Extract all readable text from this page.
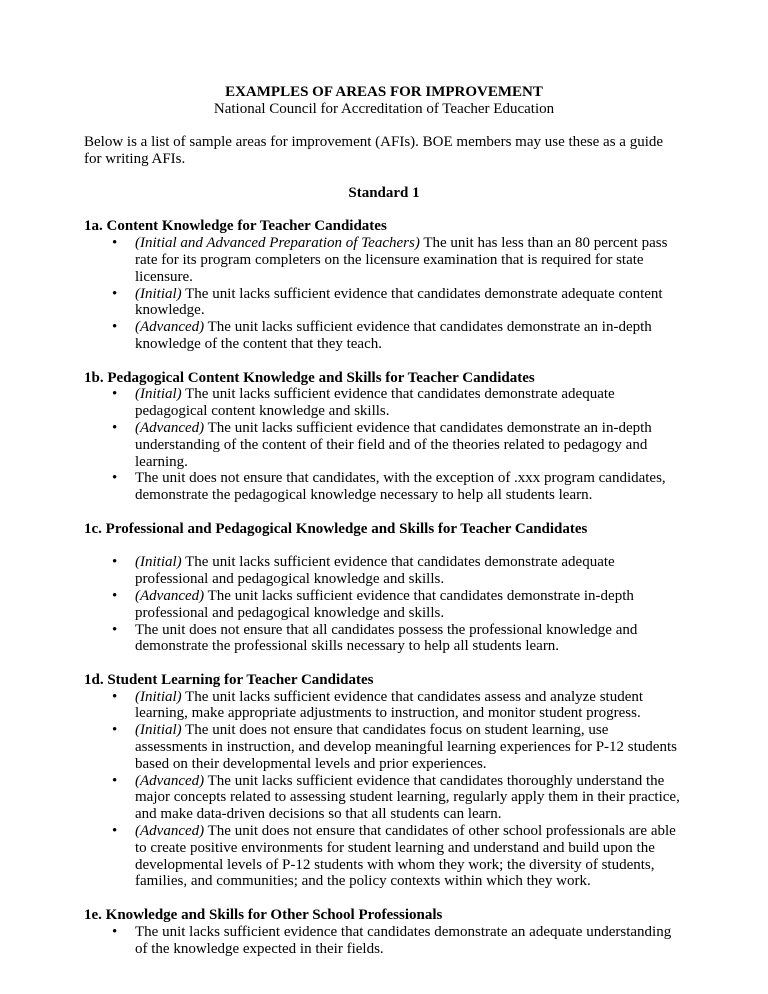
EXAMPLES OF AREAS FOR IMPROVEMENT
National Council for Accreditation of Teacher Education

Below is a list of sample areas for improvement (AFIs). BOE members may use these as a guide for writing AFIs.

Standard 1
1a. Content Knowledge for Teacher Candidates
• (Initial and Advanced Preparation of Teachers) The unit has less than an 80 percent pass rate for its program completers on the licensure examination that is required for state licensure.
• (Initial) The unit lacks sufficient evidence that candidates demonstrate adequate content knowledge.
• (Advanced) The unit lacks sufficient evidence that candidates demonstrate an in-depth knowledge of the content that they teach.
1b. Pedagogical Content Knowledge and Skills for Teacher Candidates
• (Initial) The unit lacks sufficient evidence that candidates demonstrate adequate pedagogical content knowledge and skills.
• (Advanced) The unit lacks sufficient evidence that candidates demonstrate an in-depth understanding of the content of their field and of the theories related to pedagogy and learning.
• The unit does not ensure that candidates, with the exception of .xxx program candidates, demonstrate the pedagogical knowledge necessary to help all students learn.
1c. Professional and Pedagogical Knowledge and Skills for Teacher Candidates
• (Initial) The unit lacks sufficient evidence that candidates demonstrate adequate professional and pedagogical knowledge and skills.
• (Advanced) The unit lacks sufficient evidence that candidates demonstrate in-depth professional and pedagogical knowledge and skills.
• The unit does not ensure that all candidates possess the professional knowledge and demonstrate the professional skills necessary to help all students learn.
1d. Student Learning for Teacher Candidates
• (Initial) The unit lacks sufficient evidence that candidates assess and analyze student learning, make appropriate adjustments to instruction, and monitor student progress.
• (Initial) The unit does not ensure that candidates focus on student learning, use assessments in instruction, and develop meaningful learning experiences for P-12 students based on their developmental levels and prior experiences.
• (Advanced) The unit lacks sufficient evidence that candidates thoroughly understand the major concepts related to assessing student learning, regularly apply them in their practice, and make data-driven decisions so that all students can learn.
• (Advanced) The unit does not ensure that candidates of other school professionals are able to create positive environments for student learning and understand and build upon the developmental levels of P-12 students with whom they work; the diversity of students, families, and communities; and the policy contexts within which they work.
1e. Knowledge and Skills for Other School Professionals
• The unit lacks sufficient evidence that candidates demonstrate an adequate understanding of the knowledge expected in their fields.
